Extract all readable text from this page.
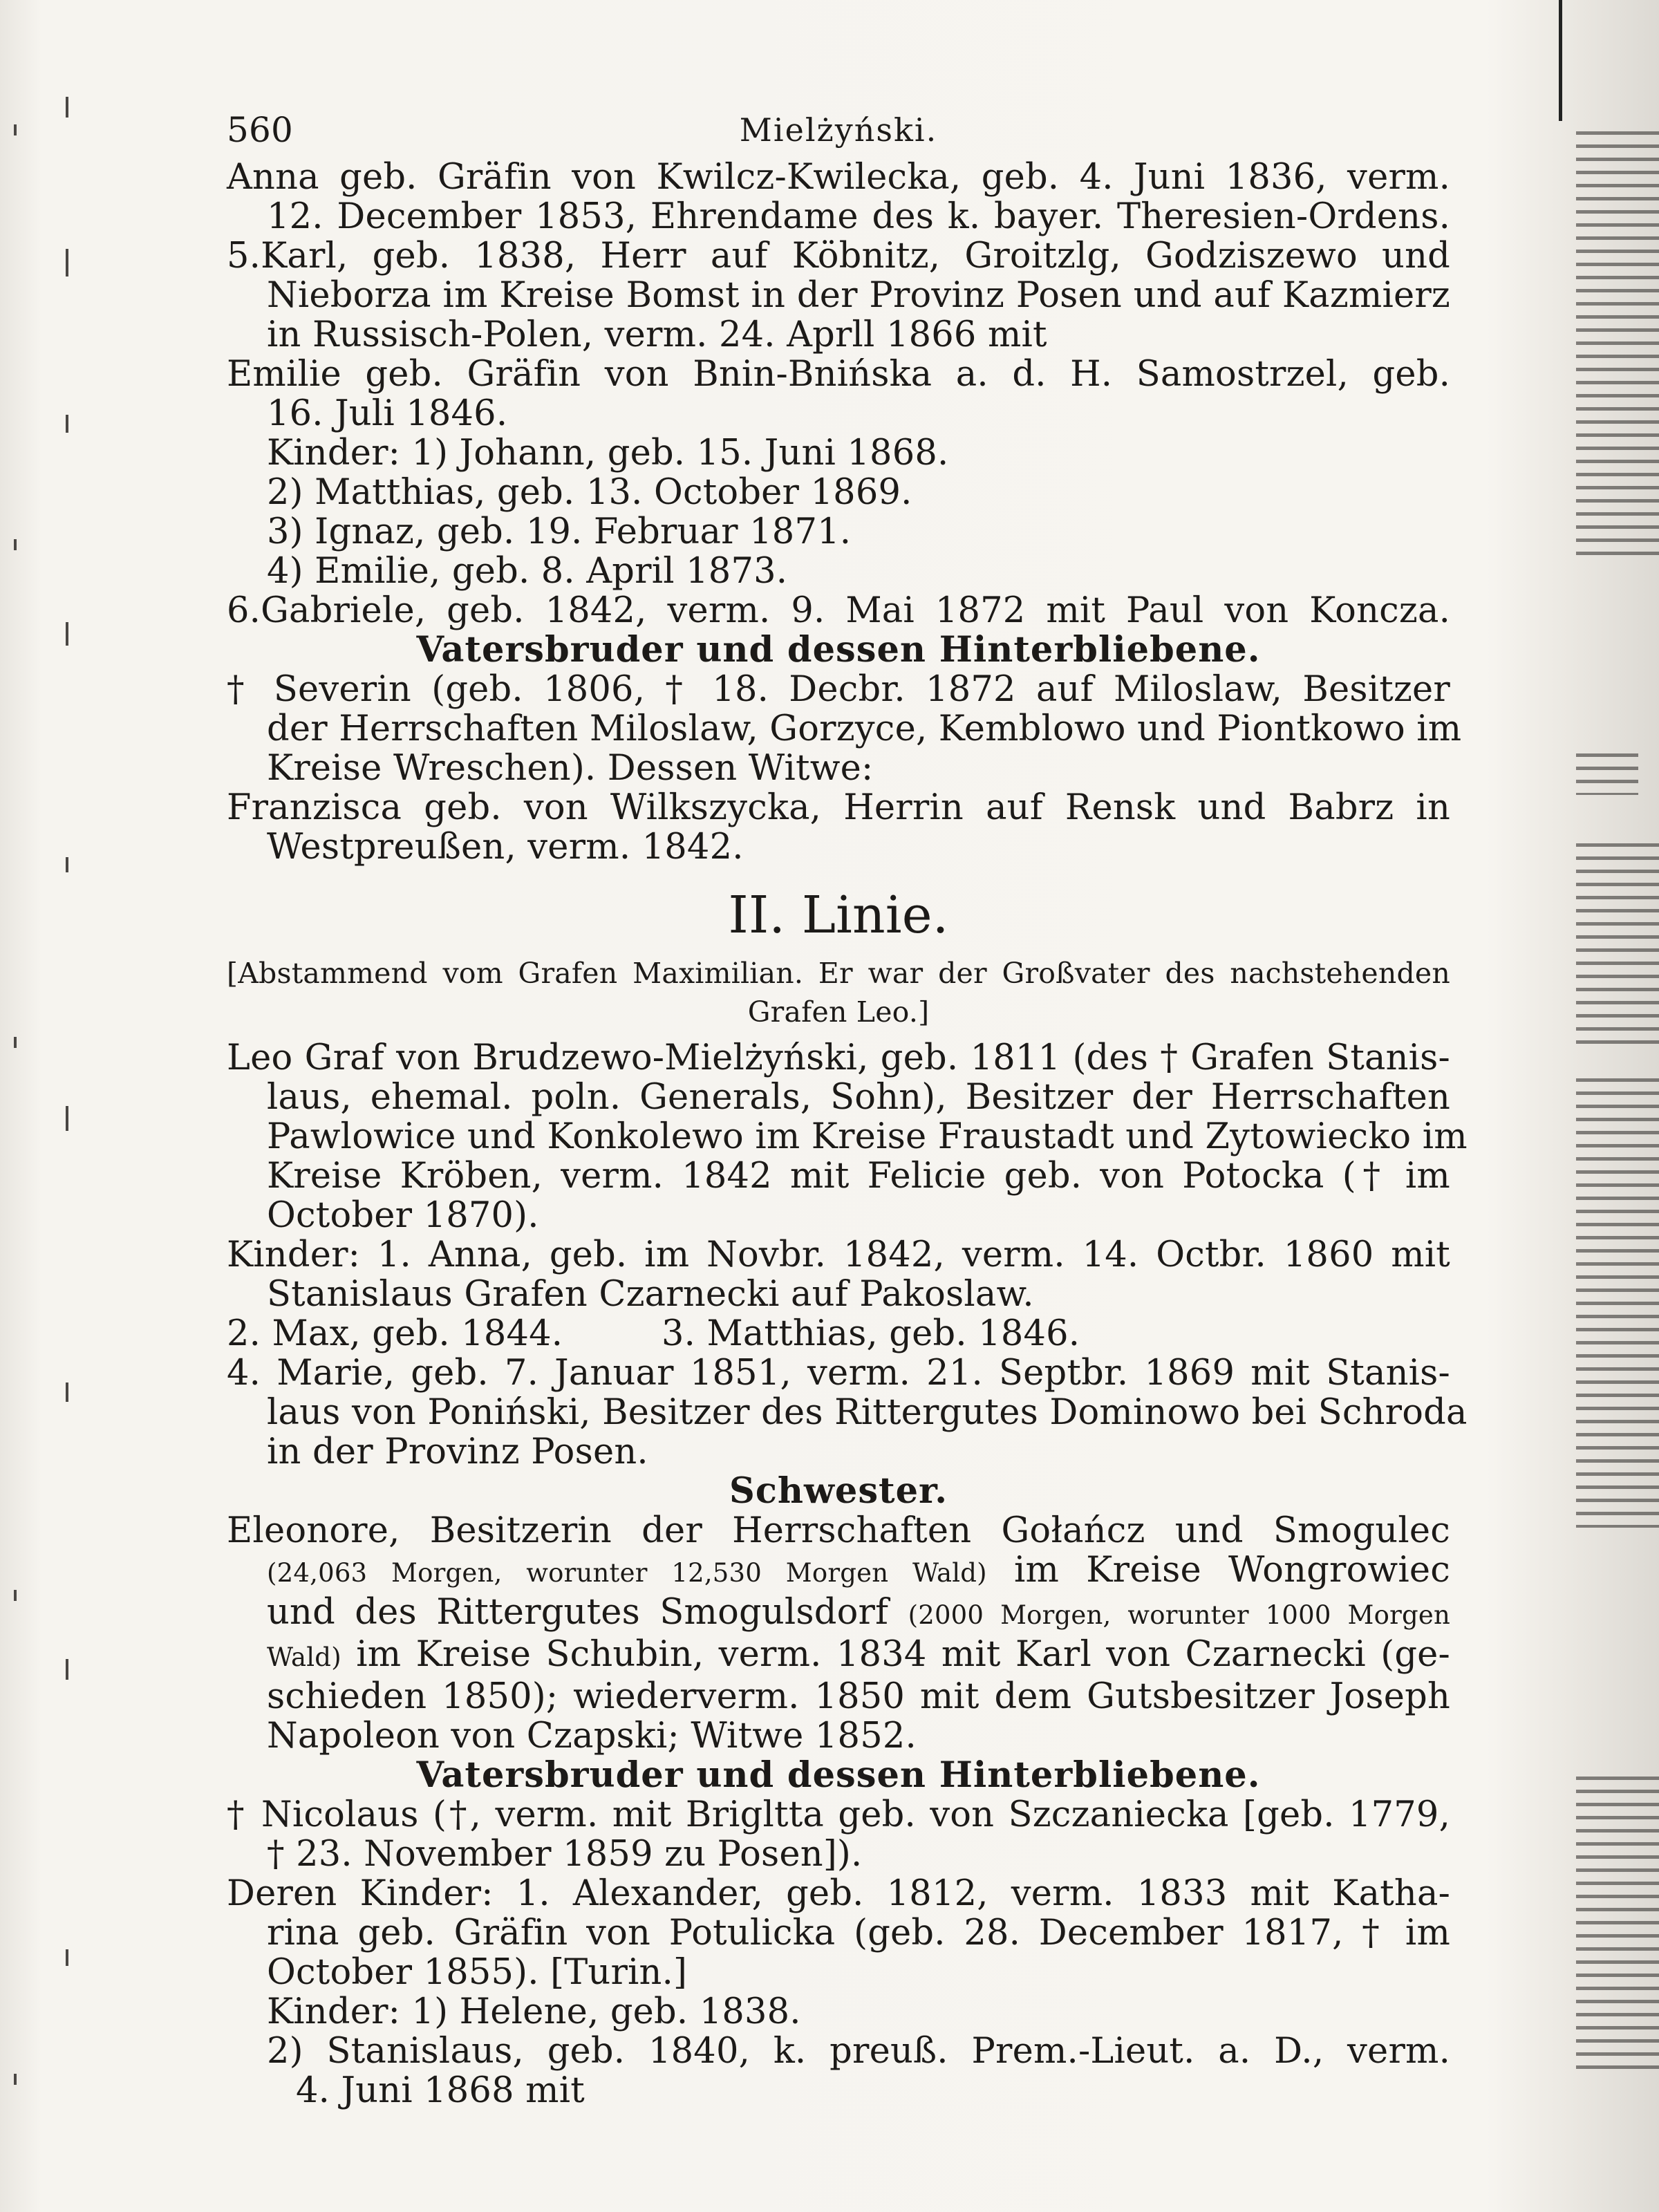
560	Mielżyński.
Anna geb. Gräfin von Kwilcz-Kwilecka, geb. 4. Juni 1836, verm.
12. December 1853, Ehrendame des k. bayer. Theresien-Ordens.
5.Karl, geb. 1838, Herr auf Köbnitz, Groitzlg, Godziszewo und
Nieborza im Kreise Bomst in der Provinz Posen und auf Kazmierz
in Russisch-Polen, verm. 24. Aprll 1866 mit
Emilie geb. Gräfin von Bnin-Bnińska a. d. H. Samostrzel, geb.
16. Juli 1846.
Kinder: 1) Johann, geb. 15. Juni 1868.
2) Matthias, geb. 13. October 1869.
3) Ignaz, geb. 19. Februar 1871.
4) Emilie, geb. 8. April 1873.
6.Gabriele, geb. 1842, verm. 9. Mai 1872 mit Paul von Konczа.
Vatersbruder und dessen Hinterbliebene.
† Severin (geb. 1806, † 18. Decbr. 1872 auf Miloslaw, Besitzer
der Herrschaften Miloslaw, Gorzyce, Kemblowo und Piontkowo im
Kreise Wreschen). Dessen Witwe:
Franzisca geb. von Wilkszycka, Herrin auf Rensk und Babrz in
Westpreußen, verm. 1842.
II. Linie.
[Abstammend vom Grafen Maximilian. Er war der Großvater des nachstehenden
Grafen Leo.]
Leo Graf von Brudzewo-Mielżyński, geb. 1811 (des † Grafen Stanis-
laus, ehemal. poln. Generals, Sohn), Besitzer der Herrschaften
Pawlowice und Konkolewo im Kreise Fraustadt und Zytowiecko im
Kreise Kröben, verm. 1842 mit Felicie geb. von Potocka († im
October 1870).
Kinder: 1. Anna, geb. im Novbr. 1842, verm. 14. Octbr. 1860 mit
Stanislaus Grafen Czarnecki auf Pakoslaw.
2. Max, geb. 1844.	3. Matthias, geb. 1846.
4. Marie, geb. 7. Januar 1851, verm. 21. Septbr. 1869 mit Stanis-
laus von Poniński, Besitzer des Rittergutes Dominowo bei Schroda
in der Provinz Posen.
Schwester.
Eleonore, Besitzerin der Herrschaften Gołańcz und Smogulec
(24,063 Morgen, worunter 12,530 Morgen Wald) im Kreise Wongrowiec
und des Rittergutes Smogulsdorf (2000 Morgen, worunter 1000 Morgen
Wald) im Kreise Schubin, verm. 1834 mit Karl von Czarnecki (ge-
schieden 1850); wiederverm. 1850 mit dem Gutsbesitzer Joseph
Napoleon von Czapski; Witwe 1852.
Vatersbruder und dessen Hinterbliebene.
† Nicolaus (†, verm. mit Brigltta geb. von Szczaniecka [geb. 1779,
† 23. November 1859 zu Posen]).
Deren Kinder: 1. Alexander, geb. 1812, verm. 1833 mit Katha-
rina geb. Gräfin von Potulicka (geb. 28. December 1817, † im
October 1855). [Turin.]
Kinder: 1) Helene, geb. 1838.
2) Stanislaus, geb. 1840, k. preuß. Prem.-Lieut. a. D., verm.
4. Juni 1868 mit
